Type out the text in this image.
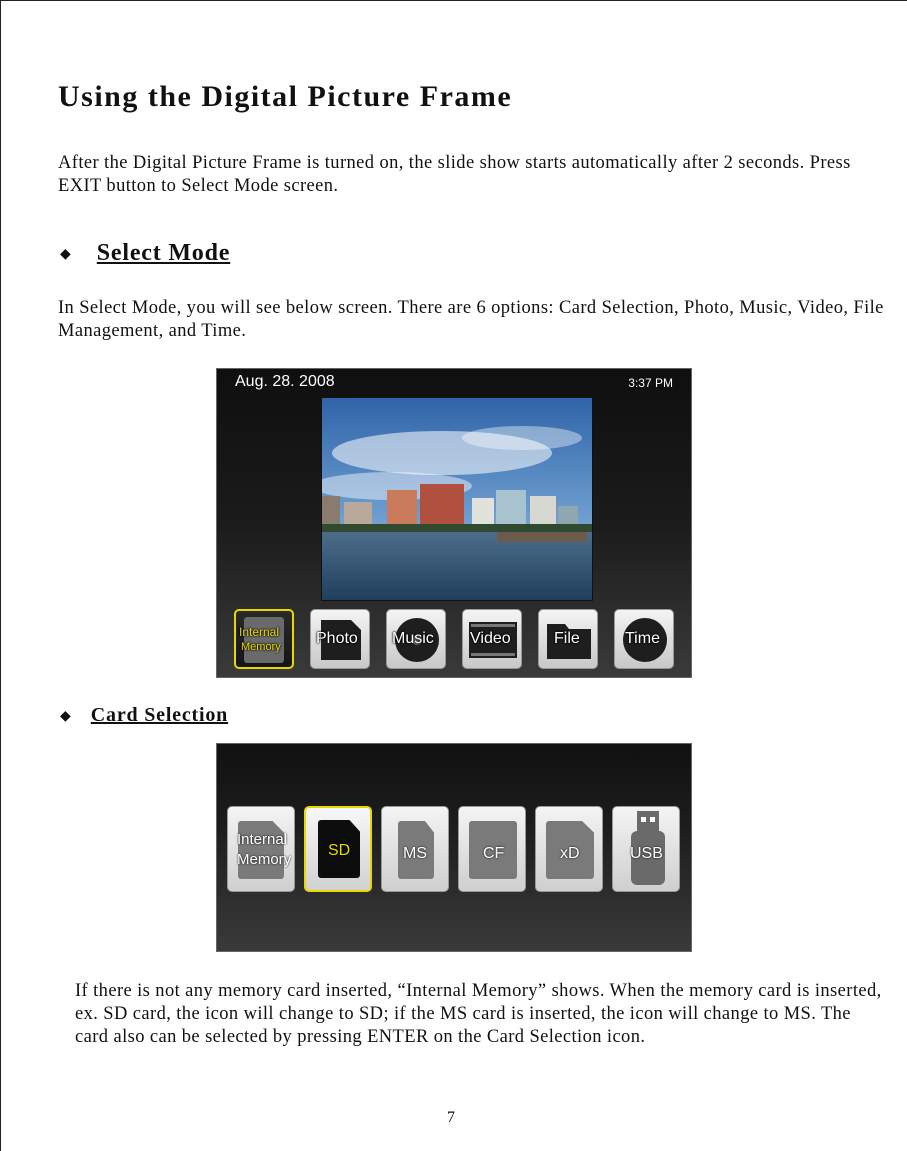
Using the Digital Picture Frame

After the Digital Picture Frame is turned on, the slide show starts automatically after 2 seconds. Press EXIT button to Select Mode screen.

◆ Select Mode

In Select Mode, you will see below screen. There are 6 options: Card Selection, Photo, Music, Video, File Management, and Time.

Aug. 28. 2008	3:37 PM
Internal
Memory Photo Music Video	File	Time
◆ Card Selection
Internal
Memory
SD	MS	CF	xD	USB

If there is not any memory card inserted, “Internal Memory” shows. When the memory card is inserted, ex. SD card, the icon will change to SD; if the MS card is inserted, the icon will change to MS. The card also can be selected by pressing ENTER on the Card Selection icon.

7
